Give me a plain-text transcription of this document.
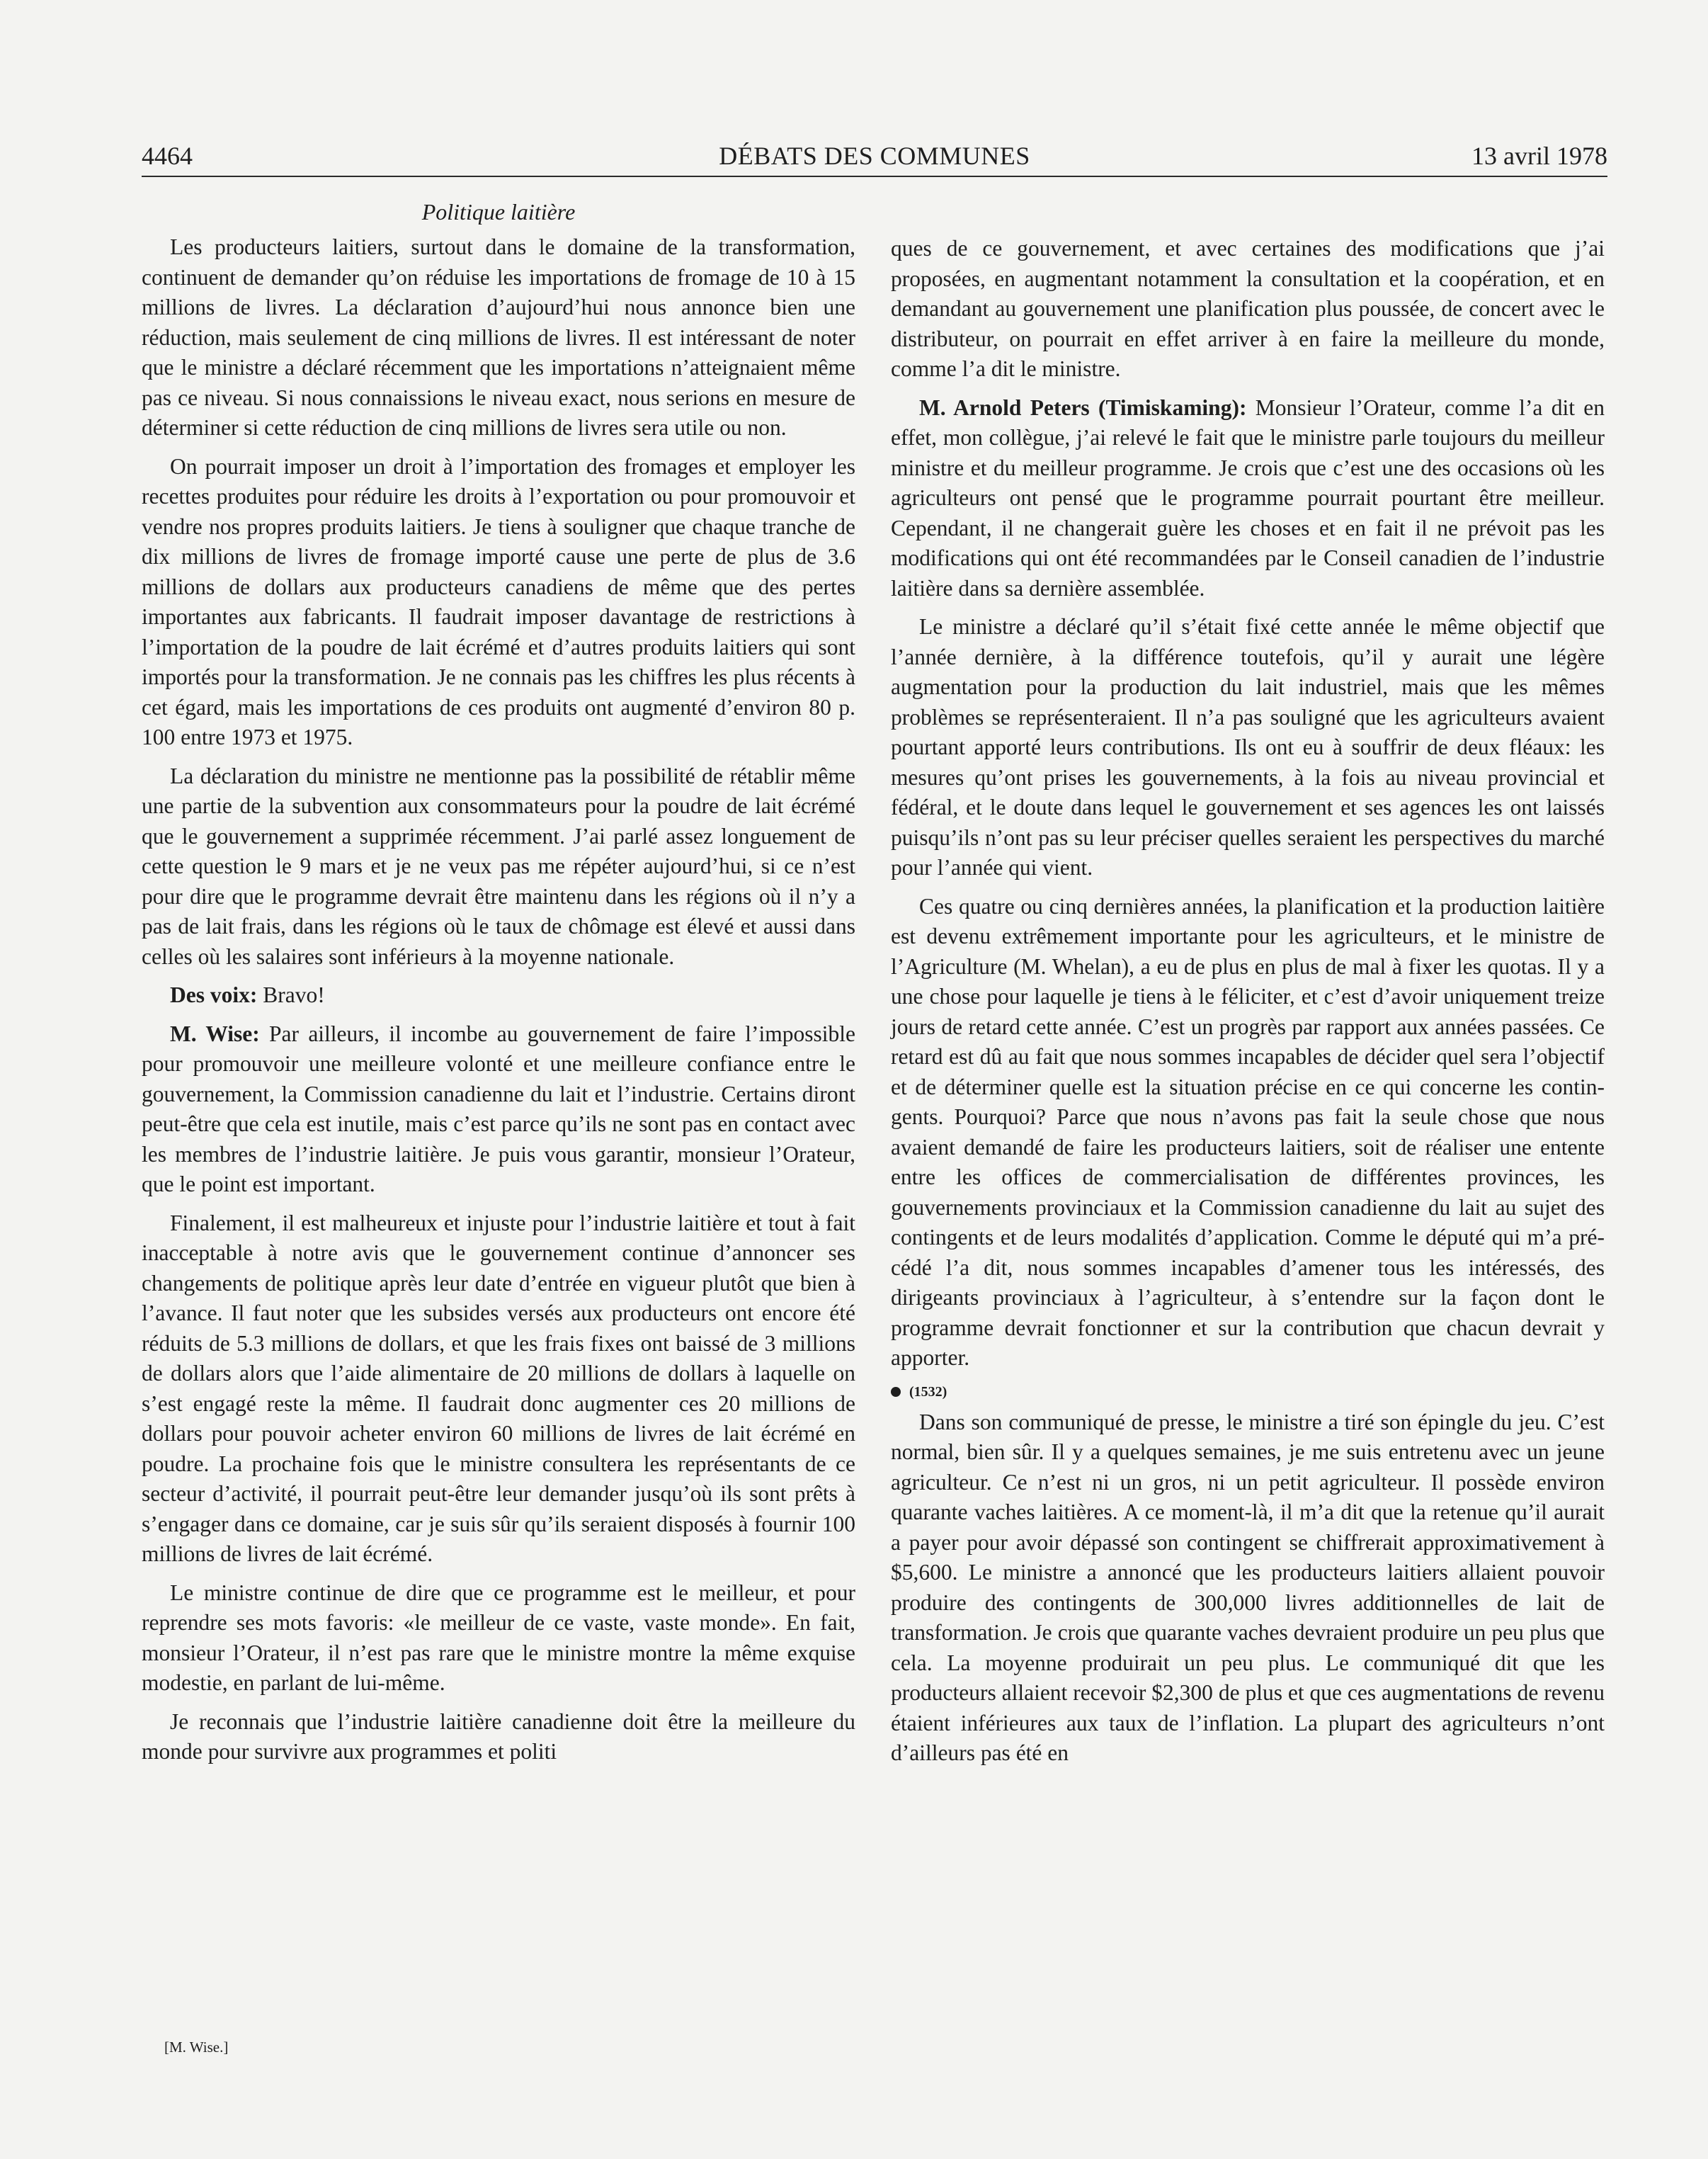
4464	DÉBATS DES COMMUNES	13 avril 1978
Politique laitière

Les producteurs laitiers, surtout dans le domaine de la transformation, continuent de demander qu’on réduise les importations de fromage de 10 à 15 millions de livres. La déclaration d’aujourd’hui nous annonce bien une réduction, mais seulement de cinq millions de livres. Il est intéressant de noter que le ministre a déclaré récemment que les importations n’atteignaient même pas ce niveau. Si nous connaissions le niveau exact, nous serions en mesure de déterminer si cette réduction de cinq millions de livres sera utile ou non.

On pourrait imposer un droit à l’importation des fromages et employer les recettes produites pour réduire les droits à l’exportation ou pour promouvoir et vendre nos propres produits laitiers. Je tiens à souligner que chaque tranche de dix millions de livres de fromage importé cause une perte de plus de 3.6 millions de dollars aux producteurs canadiens de même que des pertes importantes aux fabricants. Il faudrait imposer davantage de restrictions à l’importation de la poudre de lait écrémé et d’autres produits laitiers qui sont importés pour la transformation. Je ne connais pas les chiffres les plus récents à cet égard, mais les importations de ces produits ont augmenté d’environ 80 p. 100 entre 1973 et 1975.

La déclaration du ministre ne mentionne pas la possibilité de rétablir même une partie de la subvention aux consommateurs pour la poudre de lait écrémé que le gouvernement a supprimée récemment. J’ai parlé assez longuement de cette question le 9 mars et je ne veux pas me répéter aujourd’hui, si ce n’est pour dire que le programme devrait être maintenu dans les régions où il n’y a pas de lait frais, dans les régions où le taux de chômage est élevé et aussi dans celles où les salaires sont inférieurs à la moyenne nationale.

Des voix: Bravo!

M. Wise: Par ailleurs, il incombe au gouvernement de faire l’impossible pour promouvoir une meilleure volonté et une meilleure confiance entre le gouvernement, la Commission canadienne du lait et l’industrie. Certains diront peut-être que cela est inutile, mais c’est parce qu’ils ne sont pas en contact avec les membres de l’industrie laitière. Je puis vous garantir, monsieur l’Orateur, que le point est important.

Finalement, il est malheureux et injuste pour l’industrie laitière et tout à fait inacceptable à notre avis que le gouvernement continue d’annoncer ses changements de politique après leur date d’entrée en vigueur plutôt que bien à l’avance. Il faut noter que les subsides versés aux producteurs ont encore été réduits de 5.3 millions de dollars, et que les frais fixes ont baissé de 3 millions de dollars alors que l’aide alimentaire de 20 millions de dollars à laquelle on s’est engagé reste la même. Il faudrait donc augmenter ces 20 millions de dollars pour pouvoir acheter environ 60 millions de livres de lait écrémé en poudre. La prochaine fois que le ministre consultera les représentants de ce secteur d’activité, il pourrait peut-être leur demander jusqu’où ils sont prêts à s’engager dans ce domaine, car je suis sûr qu’ils seraient disposés à fournir 100 millions de livres de lait écrémé.

Le ministre continue de dire que ce programme est le meilleur, et pour reprendre ses mots favoris: «le meilleur de ce vaste, vaste monde». En fait, monsieur l’Orateur, il n’est pas rare que le ministre montre la même exquise modestie, en parlant de lui-même.

Je reconnais que l’industrie laitière canadienne doit être la meilleure du monde pour survivre aux programmes et politi

[M. Wise.]

ques de ce gouvernement, et avec certaines des modifications que j’ai proposées, en augmentant notamment la consultation et la coopération, et en demandant au gouvernement une planification plus poussée, de concert avec le distributeur, on pourrait en effet arriver à en faire la meilleure du monde, comme l’a dit le ministre.

M. Arnold Peters (Timiskaming): Monsieur l’Orateur, comme l’a dit en effet, mon collègue, j’ai relevé le fait que le ministre parle toujours du meilleur ministre et du meilleur programme. Je crois que c’est une des occasions où les agriculteurs ont pensé que le programme pourrait pourtant être meilleur. Cependant, il ne changerait guère les choses et en fait il ne prévoit pas les modifications qui ont été recommandées par le Conseil canadien de l’industrie laitière dans sa dernière assemblée.

Le ministre a déclaré qu’il s’était fixé cette année le même objectif que l’année dernière, à la différence toutefois, qu’il y aurait une légère augmentation pour la production du lait industriel, mais que les mêmes problèmes se représenteraient. Il n’a pas souligné que les agriculteurs avaient pourtant apporté leurs contributions. Ils ont eu à souffrir de deux fléaux: les mesures qu’ont prises les gouvernements, à la fois au niveau provincial et fédéral, et le doute dans lequel le gouvernement et ses agences les ont laissés puisqu’ils n’ont pas su leur préciser quelles seraient les perspectives du marché pour l’année qui vient.

Ces quatre ou cinq dernières années, la planification et la production laitière est devenu extrêmement importante pour les agriculteurs, et le ministre de l’Agriculture (M. Whelan), a eu de plus en plus de mal à fixer les quotas. Il y a une chose pour laquelle je tiens à le féliciter, et c’est d’avoir uniquement treize jours de retard cette année. C’est un progrès par rapport aux années passées. Ce retard est dû au fait que nous sommes incapables de décider quel sera l’objectif et de déterminer quelle est la situation précise en ce qui concerne les contingents. Pourquoi? Parce que nous n’avons pas fait la seule chose que nous avaient demandé de faire les producteurs laitiers, soit de réaliser une entente entre les offices de commercialisation de différentes provinces, les gouvernements provinciaux et la Commission canadienne du lait au sujet des contingents et de leurs modalités d’application. Comme le député qui m’a précédé l’a dit, nous sommes incapables d’amener tous les intéressés, des dirigeants provinciaux à l’agriculteur, à s’entendre sur la façon dont le programme devrait fonctionner et sur la contribution que chacun devrait y apporter.

(1532)

Dans son communiqué de presse, le ministre a tiré son épingle du jeu. C’est normal, bien sûr. Il y a quelques semaines, je me suis entretenu avec un jeune agriculteur. Ce n’est ni un gros, ni un petit agriculteur. Il possède environ quarante vaches laitières. A ce moment-là, il m’a dit que la retenue qu’il aurait a payer pour avoir dépassé son contingent se chiffrerait approximativement à $5,600. Le ministre a annoncé que les producteurs laitiers allaient pouvoir produire des contingents de 300,000 livres additionnelles de lait de transformation. Je crois que quarante vaches devraient produire un peu plus que cela. La moyenne produirait un peu plus. Le communiqué dit que les producteurs allaient recevoir $2,300 de plus et que ces augmentations de revenu étaient inférieures aux taux de l’inflation. La plupart des agriculteurs n’ont d’ailleurs pas été en
